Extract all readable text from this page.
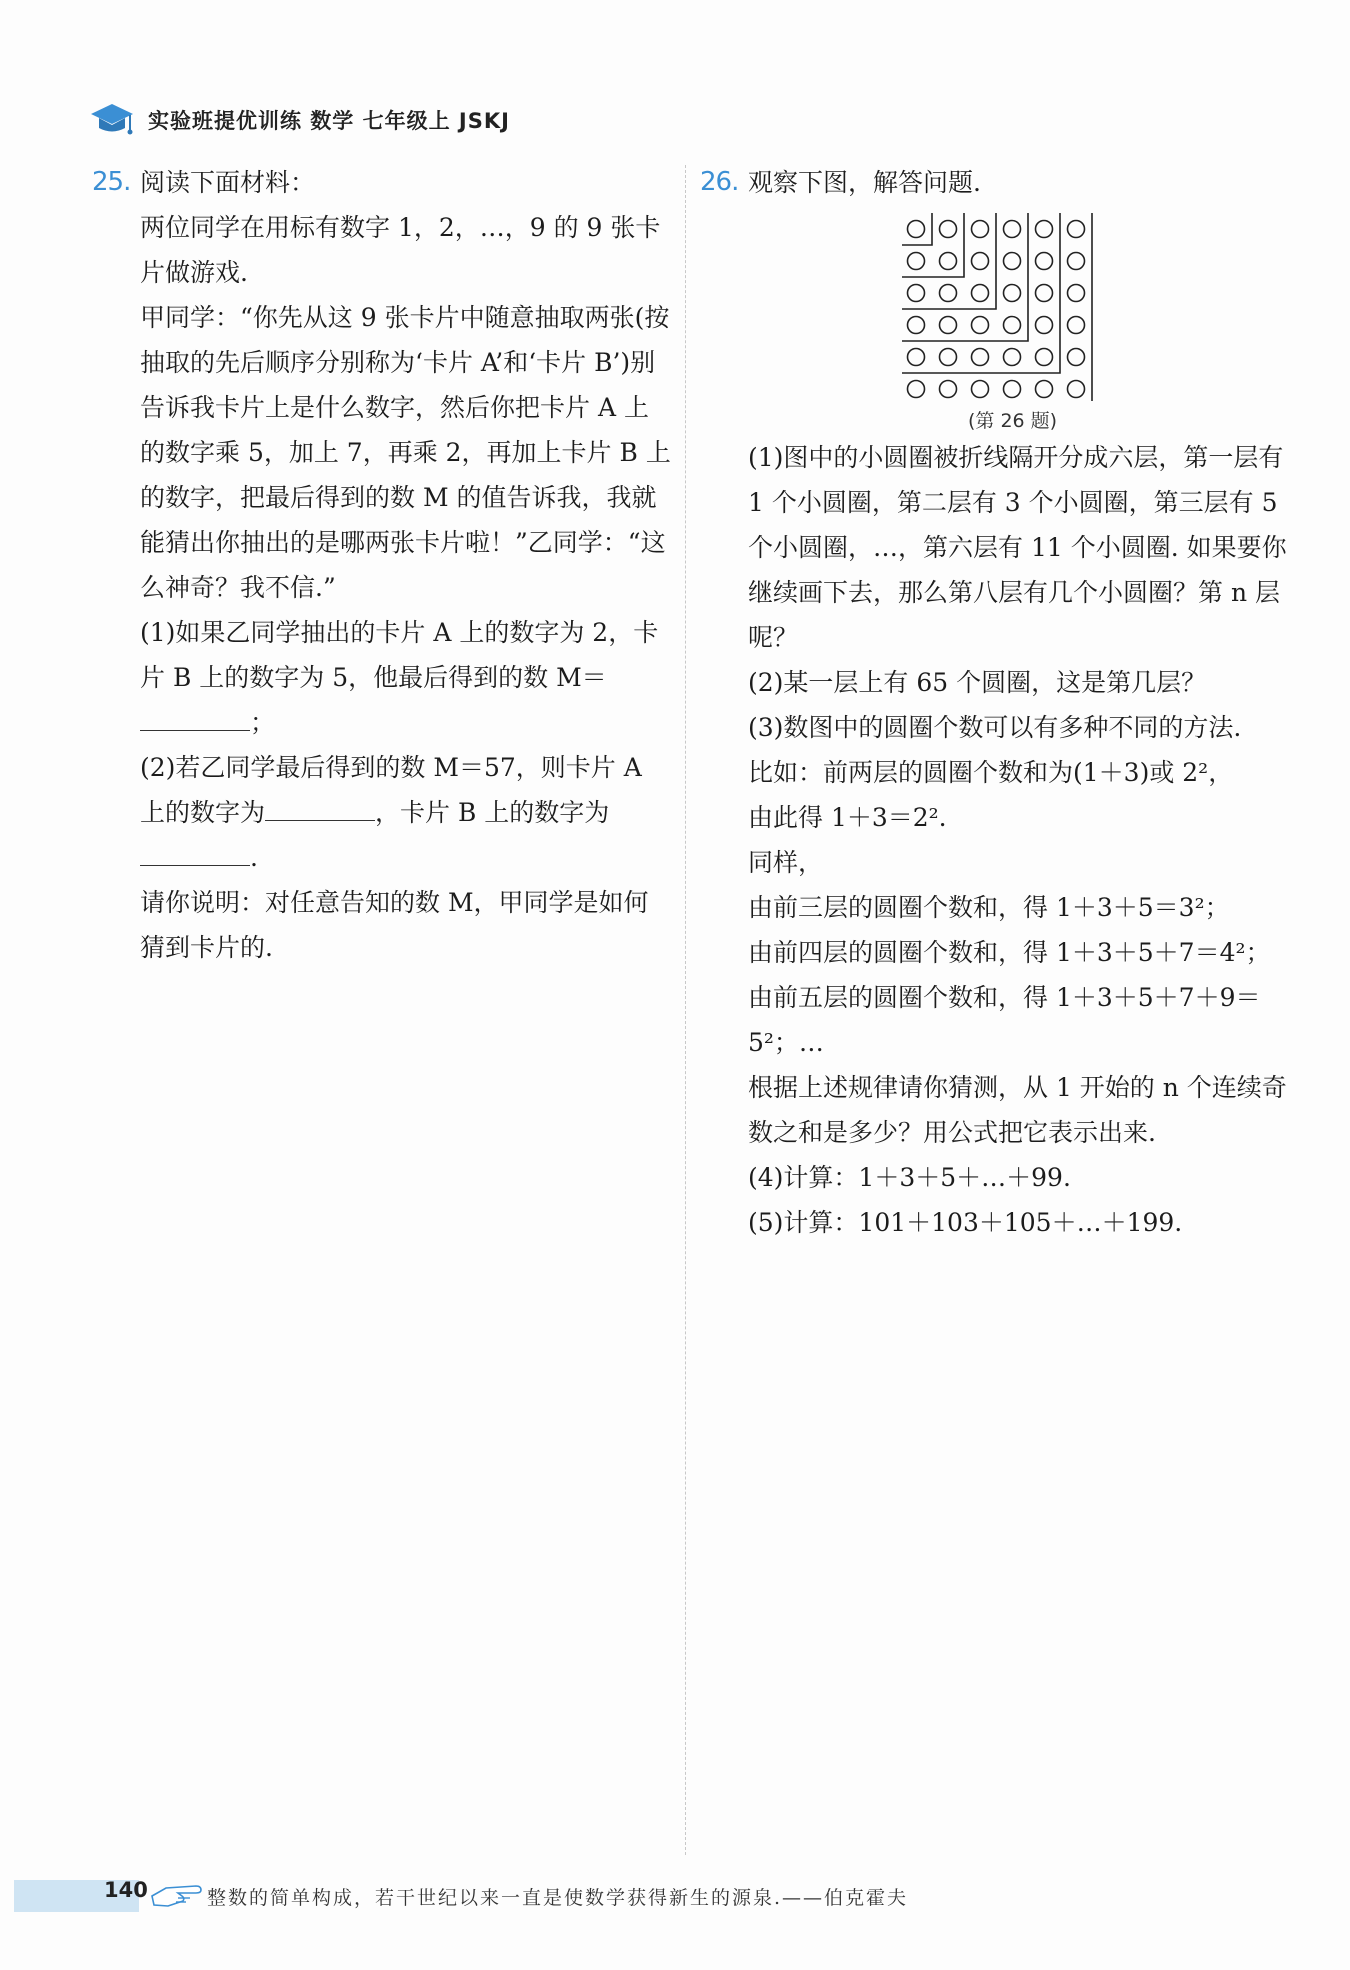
实验班提优训练 数学 七年级上 JSKJ
25. 阅读下面材料：
两位同学在用标有数字 1，2，…，9 的 9 张卡片做游戏.
甲同学：“你先从这 9 张卡片中随意抽取两张(按抽取的先后顺序分别称为‘卡片 A’和‘卡片 B’)别告诉我卡片上是什么数字，然后你把卡片 A 上的数字乘 5，加上 7，再乘 2，再加上卡片 B 上的数字，把最后得到的数 M 的值告诉我，我就能猜出你抽出的是哪两张卡片啦！”乙同学：“这么神奇？我不信.”
(1)如果乙同学抽出的卡片 A 上的数字为 2，卡片 B 上的数字为 5，他最后得到的数 M＝
；
(2)若乙同学最后得到的数 M＝57，则卡片 A 上的数字为	，卡片 B 上的数字为.
请你说明：对任意告知的数 M，甲同学是如何猜到卡片的.
26. 观察下图，解答问题.
(第 26 题)
(1)图中的小圆圈被折线隔开分成六层，第一层有 1 个小圆圈，第二层有 3 个小圆圈，第三层有 5 个小圆圈，…，第六层有 11 个小圆圈. 如果要你继续画下去，那么第八层有几个小圆圈？第 n 层呢？
(2)某一层上有 65 个圆圈，这是第几层？
(3)数图中的圆圈个数可以有多种不同的方法.
比如：前两层的圆圈个数和为(1＋3)或 2²，
由此得 1＋3＝2².
同样，
由前三层的圆圈个数和，得 1＋3＋5＝3²；
由前四层的圆圈个数和，得 1＋3＋5＋7＝4²；
由前五层的圆圈个数和，得 1＋3＋5＋7＋9＝5²；…
根据上述规律请你猜测，从 1 开始的 n 个连续奇数之和是多少？用公式把它表示出来.
(4)计算：1＋3＋5＋…＋99.
(5)计算：101＋103＋105＋…＋199.
140	整数的简单构成，若干世纪以来一直是使数学获得新生的源泉.——伯克霍夫
